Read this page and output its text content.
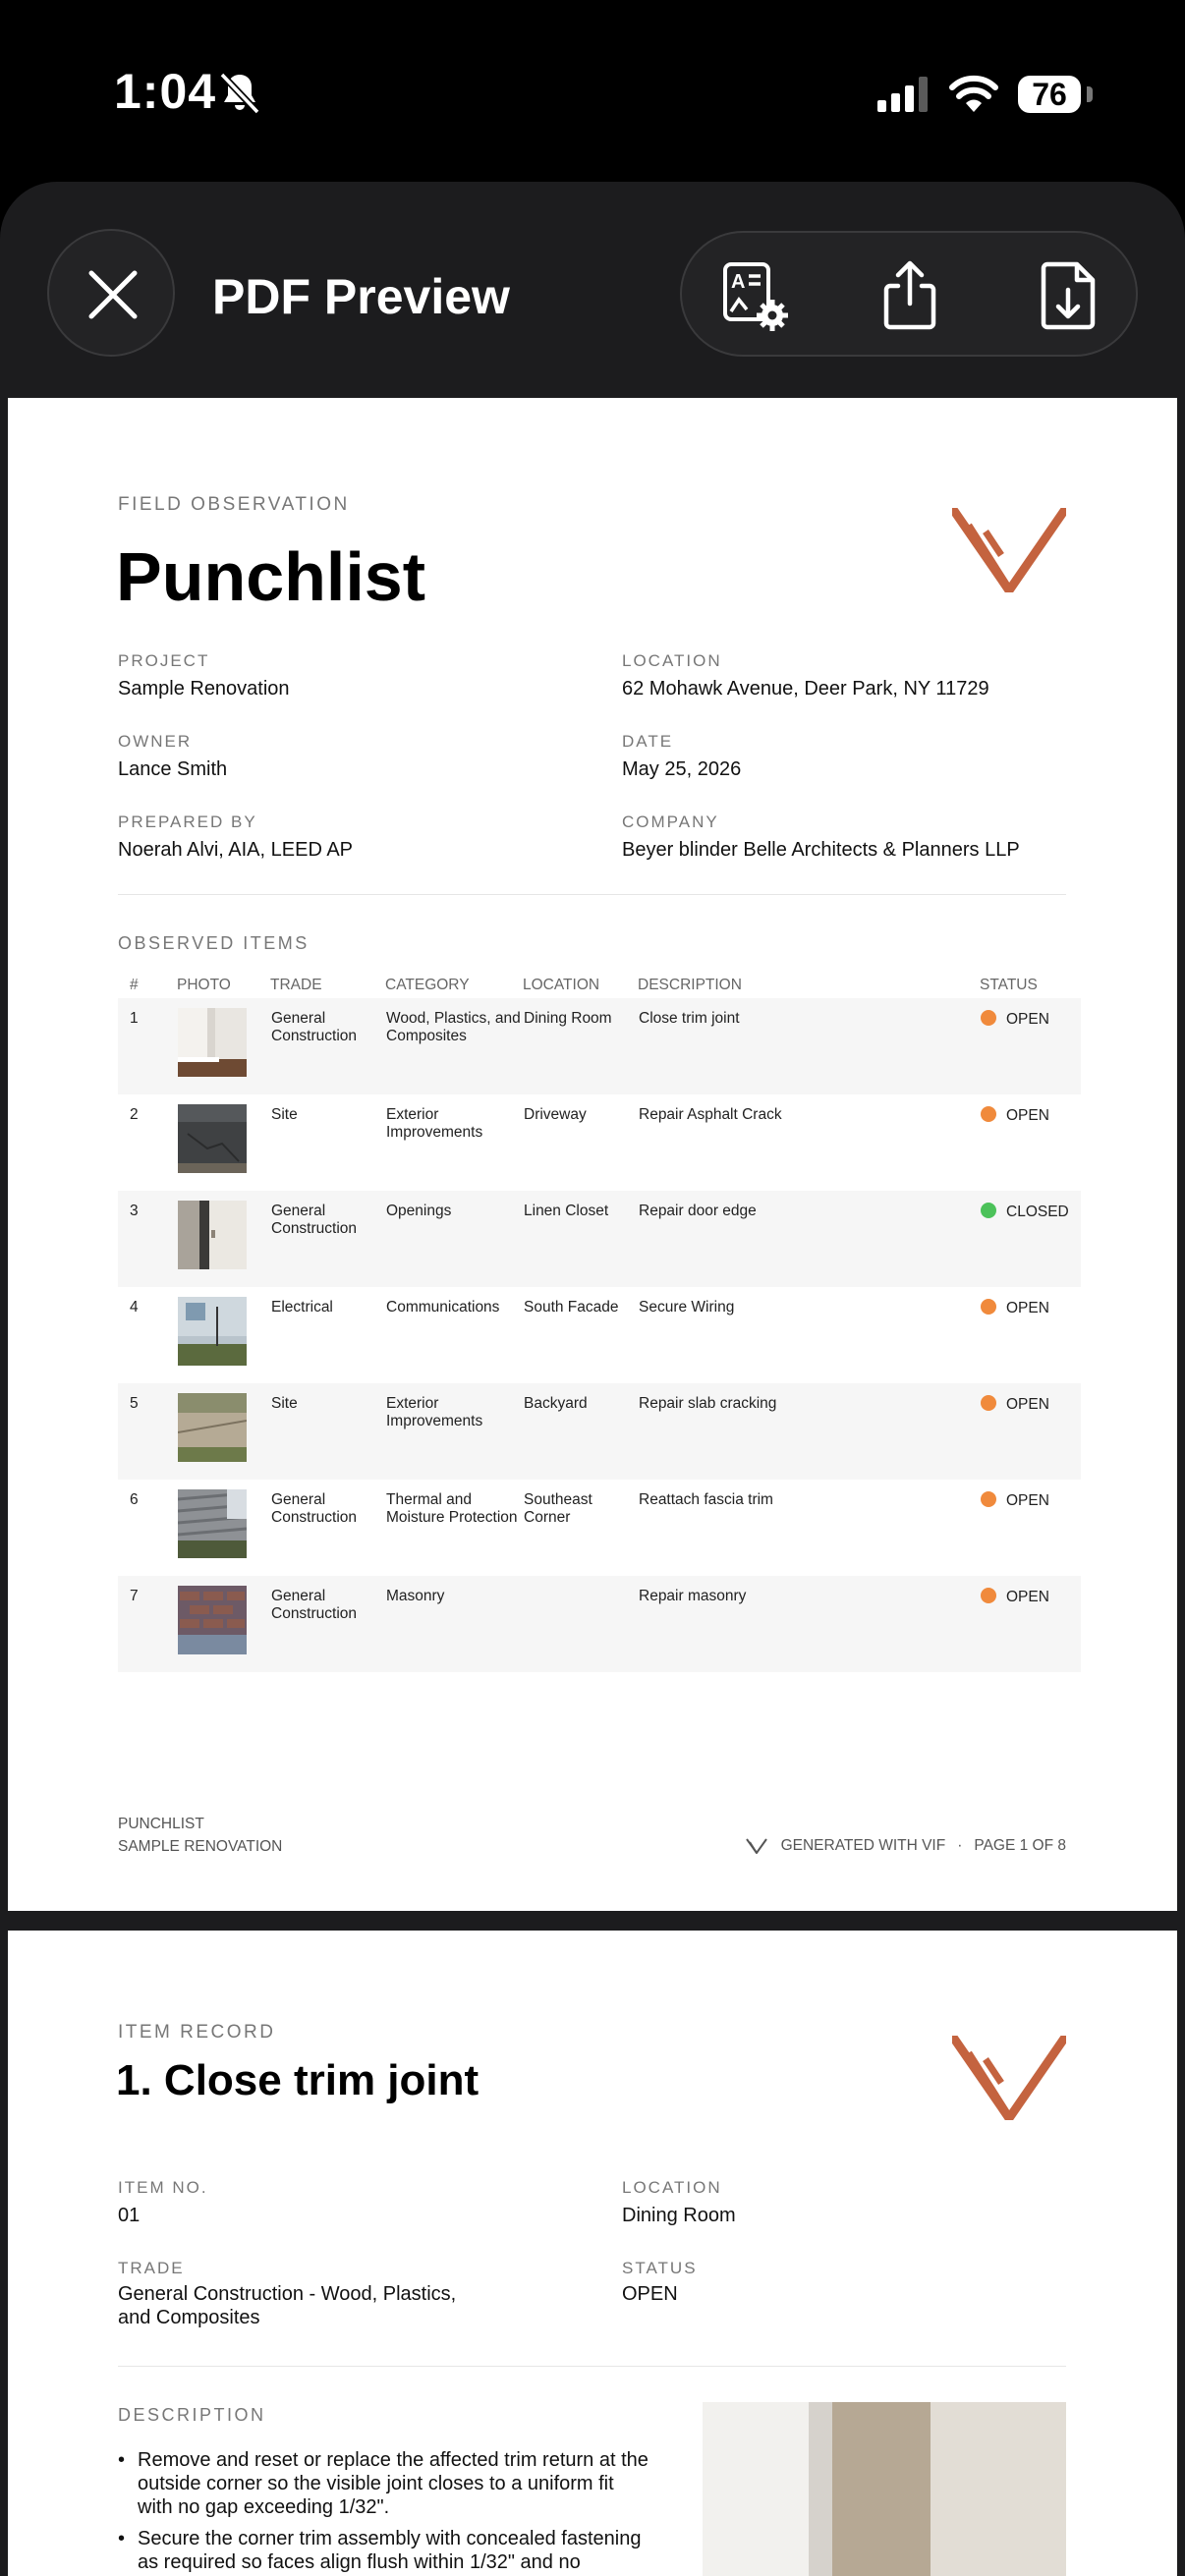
1:04	76
PDF Preview	A
FIELD OBSERVATION
Punchlist
PROJECT
Sample Renovation
LOCATION
62 Mohawk Avenue, Deer Park, NY 11729
OWNER
Lance Smith
DATE
May 25, 2026
PREPARED BY
Noerah Alvi, AIA, LEED AP
COMPANY
Beyer blinder Belle Architects & Planners LLP
OBSERVED ITEMS
#	PHOTO	TRADE	CATEGORY	LOCATION	DESCRIPTION	STATUS
1		General Construction	Wood, Plastics, and Composites	Dining Room	Close trim joint	OPEN
2		Site	Exterior Improvements	Driveway	Repair Asphalt Crack	OPEN
3		General Construction	Openings	Linen Closet	Repair door edge	CLOSED
4		Electrical	Communications	South Facade	Secure Wiring	OPEN
5		Site	Exterior Improvements	Backyard	Repair slab cracking	OPEN
6		General Construction	Thermal and Moisture Protection	Southeast Corner	Reattach fascia trim	OPEN
7		General Construction	Masonry		Repair masonry	OPEN
PUNCHLIST
SAMPLE RENOVATION	GENERATED WITH VIF · PAGE 1 OF 8
ITEM RECORD
1. Close trim joint
ITEM NO.
01
LOCATION
Dining Room
TRADE
General Construction - Wood, Plastics, and Composites
STATUS
OPEN
DESCRIPTION
• Remove and reset or replace the affected trim return at the outside corner so the visible joint closes to a uniform fit with no gap exceeding 1/32".
• Secure the corner trim assembly with concealed fastening as required so faces align flush within 1/32" and no
